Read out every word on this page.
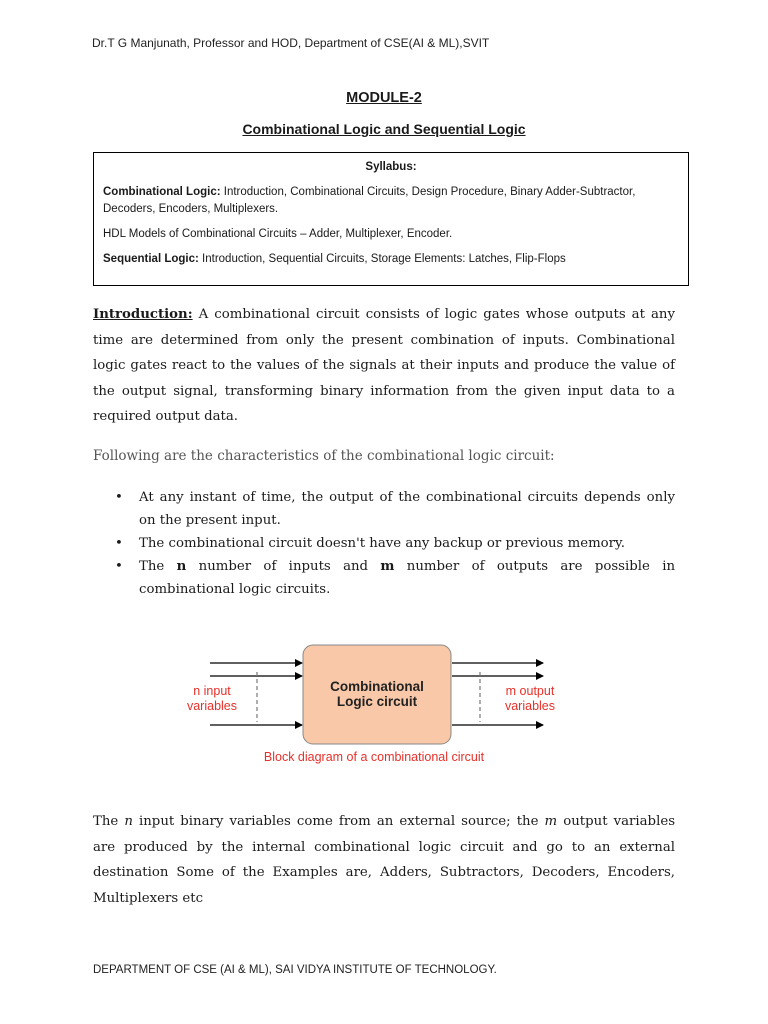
Dr.T G Manjunath, Professor and HOD, Department of CSE(AI & ML),SVIT
MODULE-2
Combinational Logic and Sequential Logic
Syllabus:

Combinational Logic: Introduction, Combinational Circuits, Design Procedure, Binary Adder-Subtractor, Decoders, Encoders, Multiplexers.

HDL Models of Combinational Circuits – Adder, Multiplexer, Encoder.

Sequential Logic: Introduction, Sequential Circuits, Storage Elements: Latches, Flip-Flops

Introduction: A combinational circuit consists of logic gates whose outputs at any time are determined from only the present combination of inputs. Combinational logic gates react to the values of the signals at their inputs and produce the value of the output signal, transforming binary information from the given input data to a required output data.
Following are the characteristics of the combinational logic circuit:
• At any instant of time, the output of the combinational circuits depends only on the present input.
• The combinational circuit doesn't have any backup or previous memory.
• The n number of inputs and m number of outputs are possible in combinational logic circuits.
Combinational
Logic circuit
n input
variables
m output
variables
Block diagram of a combinational circuit
The n input binary variables come from an external source; the m output variables are produced by the internal combinational logic circuit and go to an external destination Some of the Examples are, Adders, Subtractors, Decoders, Encoders, Multiplexers etc
DEPARTMENT OF CSE (AI & ML), SAI VIDYA INSTITUTE OF TECHNOLOGY.
